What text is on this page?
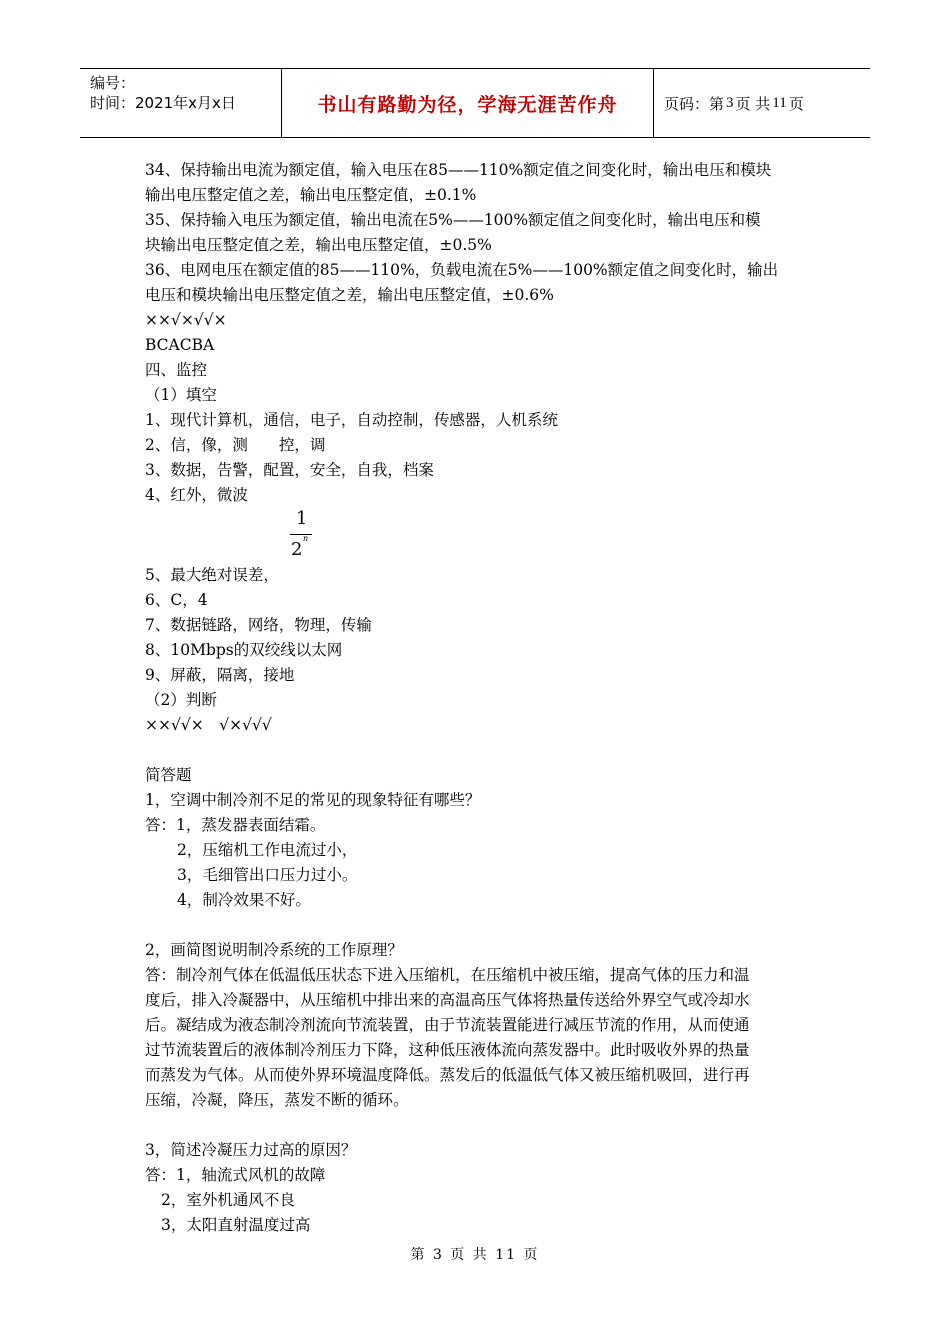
编号：
时间：2021年x月x日	书山有路勤为径，学海无涯苦作舟	页码：第 3 页 共 11 页
34、保持输出电流为额定值，输入电压在85——110%额定值之间变化时，输出电压和模块
输出电压整定值之差，输出电压整定值，±0.1%
35、保持输入电压为额定值，输出电流在5%——100%额定值之间变化时，输出电压和模
块输出电压整定值之差，输出电压整定值，±0.5%
36、电网电压在额定值的85——110%，负载电流在5%——100%额定值之间变化时，输出
电压和模块输出电压整定值之差，输出电压整定值，±0.6%
××√×√√×
BCACBA
四、监控
（1）填空
1、现代计算机，通信，电子，自动控制，传感器，人机系统
2、信，像，测　　控，调
3、数据，告警，配置，安全，自我，档案
4、红外，微波
1
2
n
5、最大绝对误差，
6、C，4
7、数据链路，网络，物理，传输
8、10Mbps的双绞线以太网
9、屏蔽，隔离，接地
（2）判断
××√√×　√×√√√
简答题
1，空调中制冷剂不足的常见的现象特征有哪些？
答：1，蒸发器表面结霜。
2，压缩机工作电流过小，
3，毛细管出口压力过小。
4，制冷效果不好。
2，画简图说明制冷系统的工作原理？
答：制冷剂气体在低温低压状态下进入压缩机，在压缩机中被压缩，提高气体的压力和温
度后，排入冷凝器中，从压缩机中排出来的高温高压气体将热量传送给外界空气或冷却水
后。凝结成为液态制冷剂流向节流装置，由于节流装置能进行减压节流的作用，从而使通
过节流装置后的液体制冷剂压力下降，这种低压液体流向蒸发器中。此时吸收外界的热量
而蒸发为气体。从而使外界环境温度降低。蒸发后的低温低气体又被压缩机吸回，进行再
压缩，冷凝，降压，蒸发不断的循环。
3，简述冷凝压力过高的原因？
答：1，轴流式风机的故障
2，室外机通风不良
3，太阳直射温度过高
第 3 页 共 11 页
